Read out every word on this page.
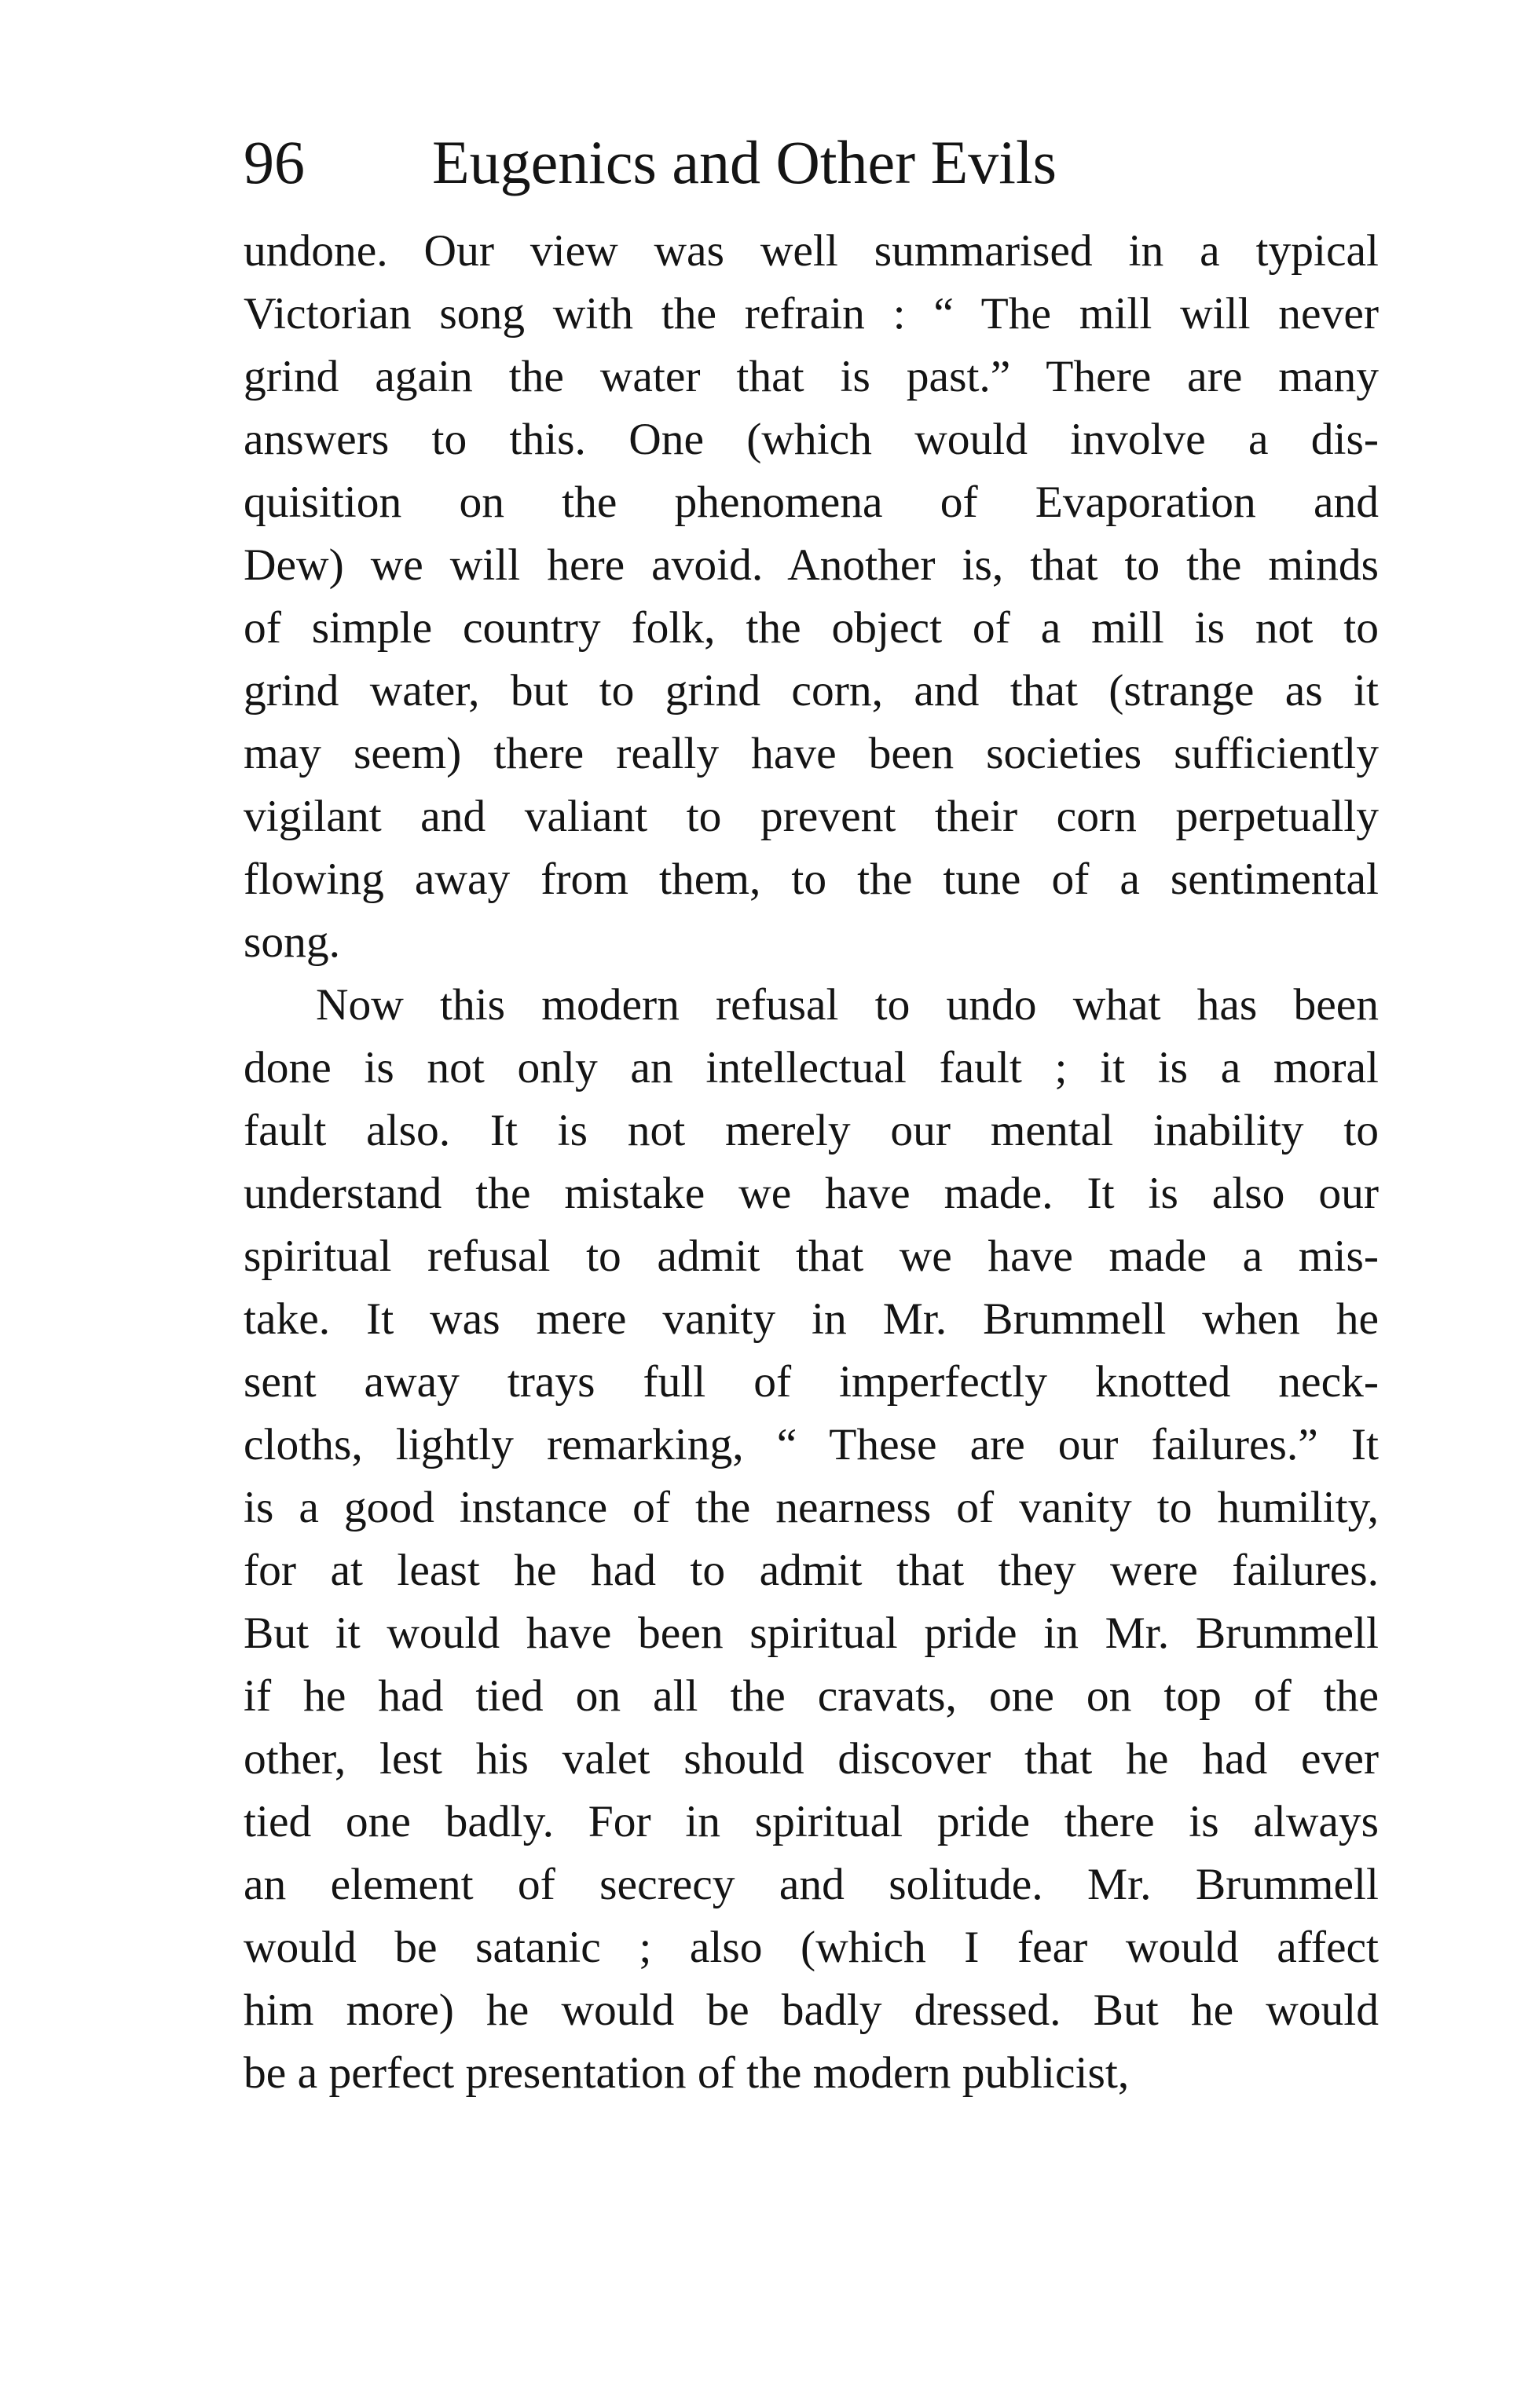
96 Eugenics and Other Evils
undone. Our view was well summarised in a typical
Victorian song with the refrain : “ The mill will never
grind again the water that is past.” There are many
answers to this. One (which would involve a dis-
quisition on the phenomena of Evaporation and
Dew) we will here avoid. Another is, that to the minds
of simple country folk, the object of a mill is not to
grind water, but to grind corn, and that (strange as it
may seem) there really have been societies sufficiently
vigilant and valiant to prevent their corn perpetually
flowing away from them, to the tune of a sentimental
song.
Now this modern refusal to undo what has been
done is not only an intellectual fault ; it is a moral
fault also. It is not merely our mental inability to
understand the mistake we have made. It is also our
spiritual refusal to admit that we have made a mis-
take. It was mere vanity in Mr. Brummell when he
sent away trays full of imperfectly knotted neck-
cloths, lightly remarking, “ These are our failures.” It
is a good instance of the nearness of vanity to humility,
for at least he had to admit that they were failures.
But it would have been spiritual pride in Mr. Brummell
if he had tied on all the cravats, one on top of the
other, lest his valet should discover that he had ever
tied one badly. For in spiritual pride there is always
an element of secrecy and solitude. Mr. Brummell
would be satanic ; also (which I fear would affect
him more) he would be badly dressed. But he would
be a perfect presentation of the modern publicist,
